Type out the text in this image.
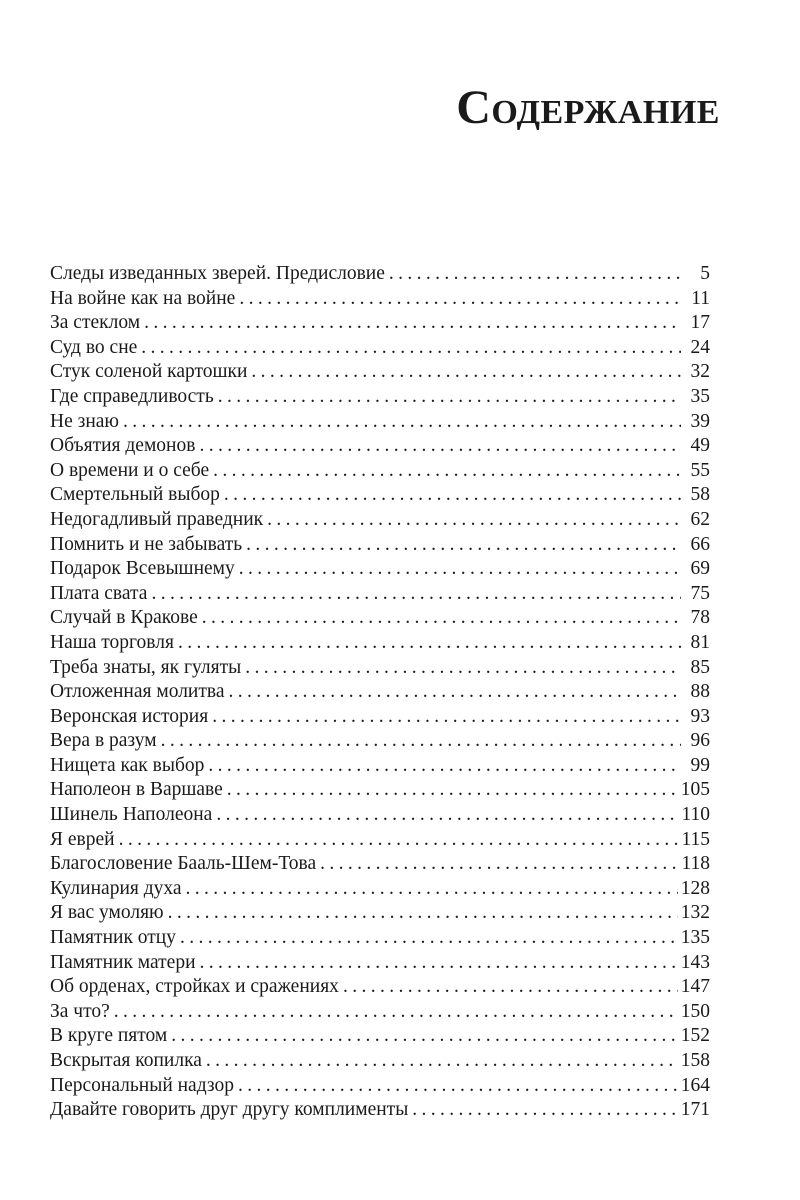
Содержание
Следы изведанных зверей. Предисловие . . .	5
На войне как на войне . . .	11
За стеклом . . .	17
Суд во сне . . .	24
Стук соленой картошки . . .	32
Где справедливость . . .	35
Не знаю . . .	39
Объятия демонов . . .	49
О времени и о себе . . .	55
Смертельный выбор . . .	58
Недогадливый праведник . . .	62
Помнить и не забывать . . .	66
Подарок Всевышнему . . .	69
Плата свата . . .	75
Случай в Кракове . . .	78
Наша торговля . . .	81
Треба знаты, як гуляты . . .	85
Отложенная молитва . . .	88
Веронская история . . .	93
Вера в разум . . .	96
Нищета как выбор . . .	99
Наполеон в Варшаве . . .	105
Шинель Наполеона . . .	110
Я еврей . . .	115
Благословение Бааль-Шем-Това . . .	118
Кулинария духа . . .	128
Я вас умоляю . . .	132
Памятник отцу . . .	135
Памятник матери . . .	143
Об орденах, стройках и сражениях . . .	147
За что? . . .	150
В круге пятом . . .	152
Вскрытая копилка . . .	158
Персональный надзор . . .	164
Давайте говорить друг другу комплименты . . .	171
